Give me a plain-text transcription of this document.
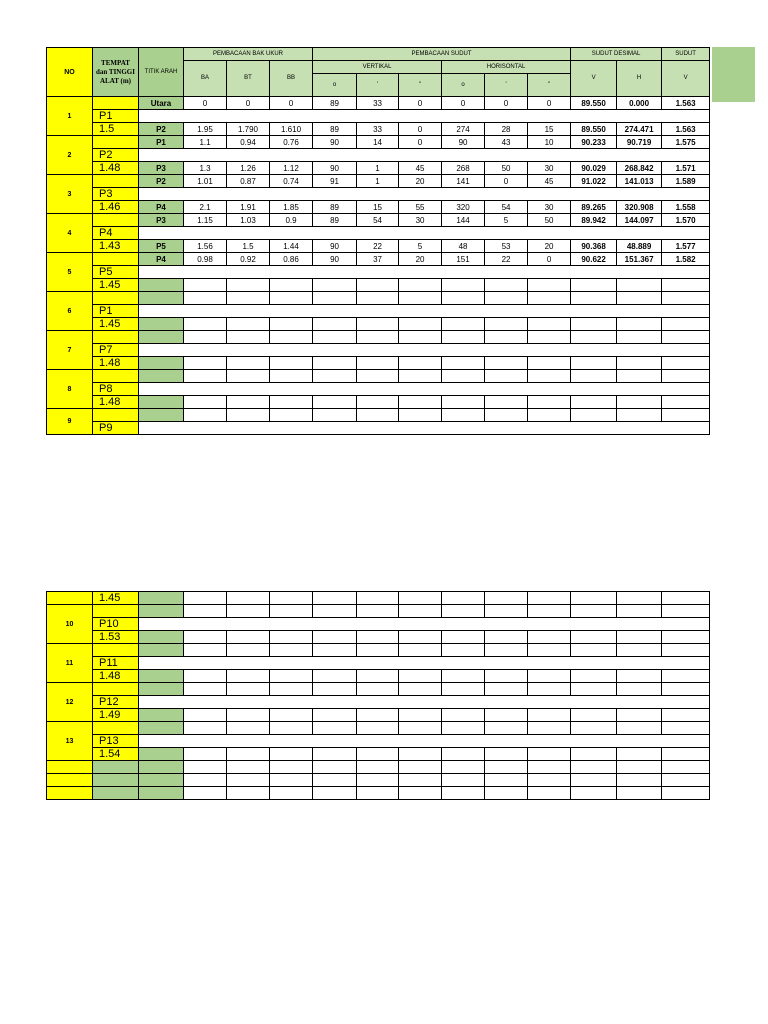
NO	TEMPAT dan TINGGI ALAT (m)	TITIK ARAH	PEMBACAAN BAK UKUR			PEMBACAAN SUDUT						SUDUT DESIMAL		SUDUT
			BA	BT	BB	VERTIKAL			HORISONTAL			V	H	V
						o	'	"	o	'	"			

1		Utara	0	0	0	89	33	0	0	0	0	89.550	0.000	1.563
	P1													
	1.5	P2	1.95	1.790	1.610	89	33	0	274	28	15	89.550	274.471	1.563
2		P1	1.1	0.94	0.76	90	14	0	90	43	10	90.233	90.719	1.575
	P2													
	1.48	P3	1.3	1.26	1.12	90	1	45	268	50	30	90.029	268.842	1.571
3		P2	1.01	0.87	0.74	91	1	20	141	0	45	91.022	141.013	1.589
	P3													
	1.46	P4	2.1	1.91	1.85	89	15	55	320	54	30	89.265	320.908	1.558
4		P3	1.15	1.03	0.9	89	54	30	144	5	50	89.942	144.097	1.570
	P4													
	1.43	P5	1.56	1.5	1.44	90	22	5	48	53	20	90.368	48.889	1.577
5		P4	0.98	0.92	0.86	90	37	20	151	22	0	90.622	151.367	1.582
	P5													
	1.45													
6														
	P1													
	1.45													
7														
	P7													
	1.48													
8														
	P8													
	1.48													
9														
	P9													
	1.45													
10														
	P10													
	1.53													
11														
	P11													
	1.48													
12														
	P12													
	1.49													
13														
	P13													
	1.54													
